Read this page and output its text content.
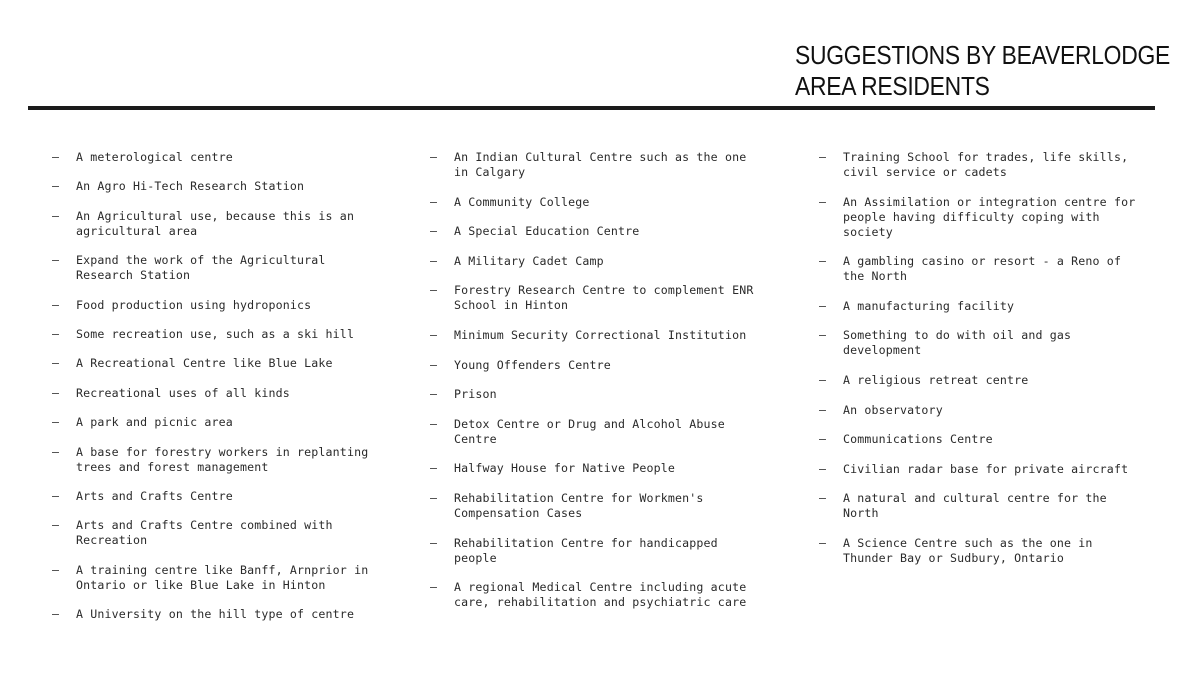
SUGGESTIONS BY BEAVERLODGE
AREA RESIDENTS
–	A meterological centre
–	An Agro Hi-Tech Research Station
–	An Agricultural use, because this is an
agricultural area
–	Expand the work of the Agricultural
Research Station
–	Food production using hydroponics
–	Some recreation use, such as a ski hill
–	A Recreational Centre like Blue Lake
–	Recreational uses of all kinds
–	A park and picnic area
–	A base for forestry workers in replanting
trees and forest management
–	Arts and Crafts Centre
–	Arts and Crafts Centre combined with
Recreation
–	A training centre like Banff, Arnprior in
Ontario or like Blue Lake in Hinton
–	A University on the hill type of centre
–	An Indian Cultural Centre such as the one
in Calgary
–	A Community College
–	A Special Education Centre
–	A Military Cadet Camp
–	Forestry Research Centre to complement ENR
School in Hinton
–	Minimum Security Correctional Institution
–	Young Offenders Centre
–	Prison
–	Detox Centre or Drug and Alcohol Abuse
Centre
–	Halfway House for Native People
–	Rehabilitation Centre for Workmen's
Compensation Cases
–	Rehabilitation Centre for handicapped
people
–	A regional Medical Centre including acute
care, rehabilitation and psychiatric care
–	Training School for trades, life skills,
civil service or cadets
–	An Assimilation or integration centre for
people having difficulty coping with
society
–	A gambling casino or resort - a Reno of
the North
–	A manufacturing facility
–	Something to do with oil and gas
development
–	A religious retreat centre
–	An observatory
–	Communications Centre
–	Civilian radar base for private aircraft
–	A natural and cultural centre for the
North
–	A Science Centre such as the one in
Thunder Bay or Sudbury, Ontario
